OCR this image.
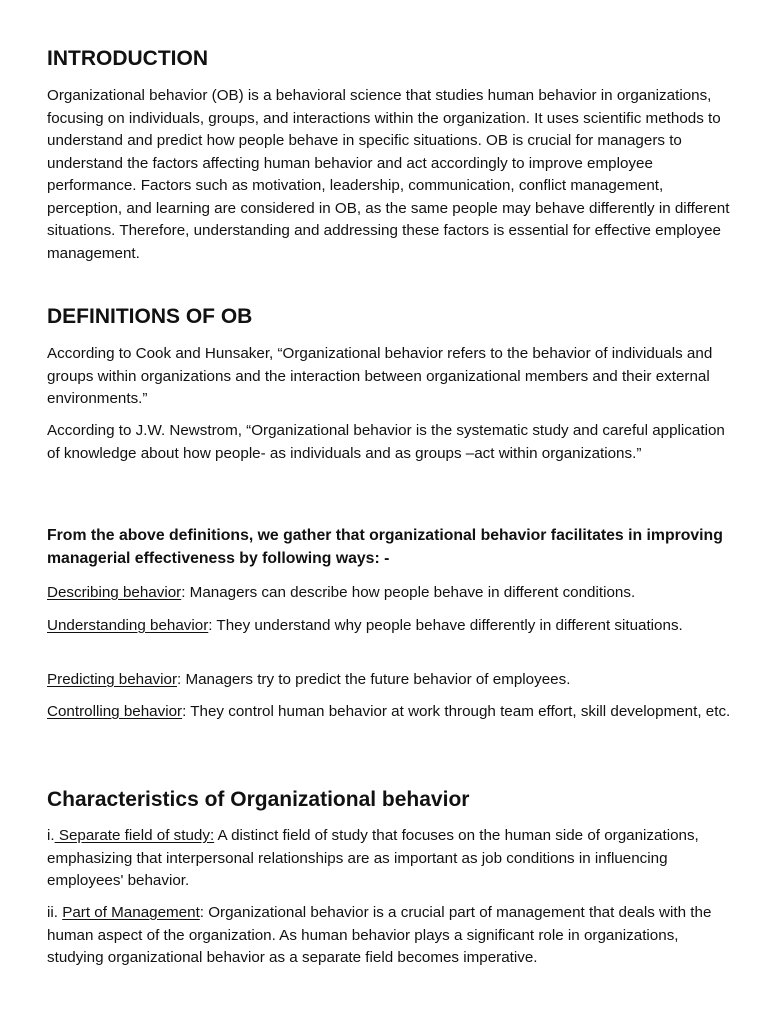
INTRODUCTION

Organizational behavior (OB) is a behavioral science that studies human behavior in organizations, focusing on individuals, groups, and interactions within the organization. It uses scientific methods to understand and predict how people behave in specific situations. OB is crucial for managers to understand the factors affecting human behavior and act accordingly to improve employee performance. Factors such as motivation, leadership, communication, conflict management, perception, and learning are considered in OB, as the same people may behave differently in different situations. Therefore, understanding and addressing these factors is essential for effective employee management.

DEFINITIONS OF OB

According to Cook and Hunsaker, “Organizational behavior refers to the behavior of individuals and groups within organizations and the interaction between organizational members and their external environments.”

According to J.W. Newstrom, “Organizational behavior is the systematic study and careful application of knowledge about how people- as individuals and as groups –act within organizations.”

From the above definitions, we gather that organizational behavior facilitates in improving managerial effectiveness by following ways: -

Describing behavior: Managers can describe how people behave in different conditions.

Understanding behavior: They understand why people behave differently in different situations.

Predicting behavior: Managers try to predict the future behavior of employees.

Controlling behavior: They control human behavior at work through team effort, skill development, etc.

Characteristics of Organizational behavior

i. Separate field of study: A distinct field of study that focuses on the human side of organizations, emphasizing that interpersonal relationships are as important as job conditions in influencing employees' behavior.

ii. Part of Management: Organizational behavior is a crucial part of management that deals with the human aspect of the organization. As human behavior plays a significant role in organizations, studying organizational behavior as a separate field becomes imperative.
